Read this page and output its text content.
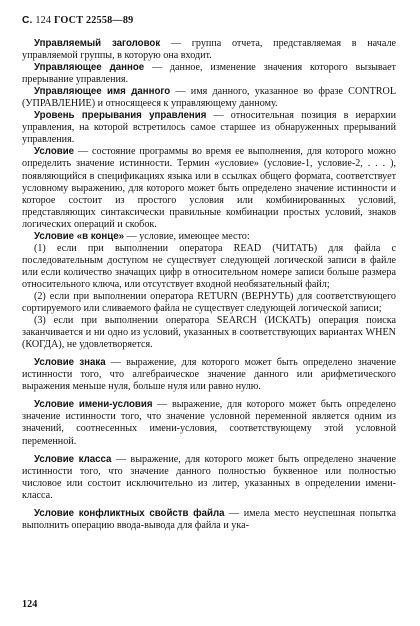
С. 124 ГОСТ 22558—89

Управляемый заголовок — группа отчета, представляемая в начале управляемой группы, в которую она входит.

Управляющее данное — данное, изменение значения которого вызывает прерывание управления.

Управляющее имя данного — имя данного, указанное во фразе CONTROL (УПРАВЛЕНИЕ) и относящееся к управляющему данному.

Уровень прерывания управления — относительная позиция в иерархии управления, на которой встретилось самое старшее из обнаруженных прерываний управления.

Условие — состояние программы во время ее выполнения, для которого можно определить значение истинности. Термин «условие» (условие-1, условие-2, . . . ), появляющийся в спецификациях языка или в ссылках общего формата, соответствует условному выражению, для которого может быть определено значение истинности и которое состоит из простого условия или комбинированных условий, представляющих синтаксически правильные комбинации простых условий, знаков логических операций и скобок.

Условие «в конце» — условие, имеющее место:

(1) если при выполнении оператора READ (ЧИТАТЬ) для файла с последовательным доступом не существует следующей логической записи в файле или если количество значащих цифр в относительном номере записи больше размера относительного ключа, или отсутствует входной необязательный файл;

(2) если при выполнении оператора RETURN (ВЕРНУТЬ) для соответствующего сортируемого или сливаемого файла не существует следующей логической записи;

(3) если при выполнении оператора SEARCH (ИСКАТЬ) операция поиска заканчивается и ни одно из условий, указанных в соответствующих вариантах WHEN (КОГДА), не удовлетворяется.

Условие знака — выражение, для которого может быть определено значение истинности того, что алгебраическое значение данного или арифметического выражения меньше нуля, больше нуля или равно нулю.

Условие имени-условия — выражение, для которого может быть определено значение истинности того, что значение условной переменной является одним из значений, соотнесенных имени-условия, соответствующему этой условной переменной.

Условие класса — выражение, для которого может быть определено значение истинности того, что значение данного полностью буквенное или полностью числовое или состоит исключительно из литер, указанных в определении имени-класса.

Условие конфликтных свойств файла — имела место неуспешная попытка выполнить операцию ввода-вывода для файла и ука-

124
